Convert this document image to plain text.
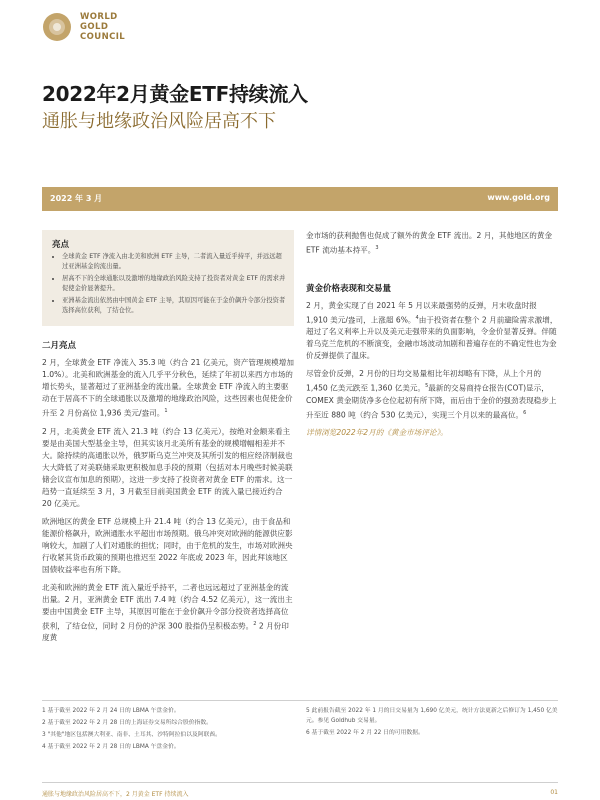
WORLD
GOLD
COUNCIL
2022年2月黄金ETF持续流入
通胀与地缘政治风险居高不下
2022 年 3 月	www.gold.org
亮点
• 全球黄金 ETF 净流入由北美和欧洲 ETF 主导，二者流入量近乎持平，并远远超过亚洲基金的流出量。
• 居高不下的全球通胀以及激增的地缘政治风险支持了投资者对黄金 ETF 的需求并促使金价显著提升。
• 亚洲基金流出依然由中国黄金 ETF 主导，其原因可能在于金价飙升令部分投资者选择高位获利，了结仓位。
二月亮点

2 月，全球黄金 ETF 净流入 35.3 吨（约合 21 亿美元，资产管理规模增加 1.0%）。北美和欧洲基金的流入几乎平分秋色，延续了年初以来西方市场的增长势头，显著超过了亚洲基金的流出量。全球黄金 ETF 净流入的主要驱动在于居高不下的全球通胀以及激增的地缘政治风险，这些因素也促使金价升至 2 月份高位 1,936 美元/盎司。$^1$

2 月，北美黄金 ETF 流入 21.3 吨（约合 13 亿美元），按绝对金额来看主要是由美国大型基金主导，但其实该月北美所有基金的规模增幅相差并不大。除持续的高通胀以外，俄罗斯乌克兰冲突及其所引发的相应经济制裁也大大降低了对美联储采取更积极加息手段的预期（包括对本月晚些时候美联储会议宣布加息的预期），这进一步支持了投资者对黄金 ETF 的需求。这一趋势一直延续至 3 月，3 月截至目前美国黄金 ETF 的流入量已接近约合 20 亿美元。

欧洲地区的黄金 ETF 总规模上升 21.4 吨（约合 13 亿美元），由于食品和能源价格飙升，欧洲通胀水平超出市场预期。俄乌冲突对欧洲的能源供应影响较大，加剧了人们对通胀的担忧；同时，由于危机的发生，市场对欧洲央行收紧其货币政策的预期也推迟至 2022 年底或 2023 年，因此拜该地区国债收益率也有所下降。

北美和欧洲的黄金 ETF 流入量近乎持平，二者也远远超过了亚洲基金的流出量。2 月，亚洲黄金 ETF 流出 7.4 吨（约合 4.52 亿美元），这一流出主要由中国黄金 ETF 主导，其原因可能在于金价飙升令部分投资者选择高位获利，了结仓位，同时 2 月份的沪深 300 股指仍呈积极态势。$^2$ 2 月份印度黄

金市场的获利抛售也促成了额外的黄金 ETF 流出。2 月，其他地区的黄金 ETF 流动基本持平。$^3$

黄金价格表现和交易量

2 月，黄金实现了自 2021 年 5 月以来最强势的反弹，月末收盘时报 1,910 美元/盎司，上涨超 6%。$^4$由于投资者在整个 2 月前避险需求激增，超过了名义利率上升以及美元走强带来的负面影响，令金价显著反弹。伴随着乌克兰危机的不断演变，金融市场波动加剧和普遍存在的不确定性也为金价反弹提供了温床。

尽管金价反弹，2 月份的日均交易量相比年初却略有下降，从上个月的 1,450 亿美元跌至 1,360 亿美元。$^5$最新的交易商持仓报告(COT)显示，COMEX 黄金期货净多仓位起初有所下降，而后由于金价的强劲表现稳步上升至近 880 吨（约合 530 亿美元），实现三个月以来的最高位。$^6$

详情浏览2022年2月的《黄金市场评论》。

1 基于截至 2022 年 2 月 24 日的 LBMA 午盘金价。

2 基于截至 2022 年 2 月 28 日的上海证券交易所综合股价指数。

3 "其他"地区包括澳大利亚、南非、土耳其、沙特阿拉伯以及阿联酋。

4 基于截至 2022 年 2 月 28 日的 LBMA 午盘金价。

5 此前报告截至 2022 年 1 月的日交易量为 1,690 亿美元，统计方法更新之后修订为 1,450 亿美元。参见 Goldhub 交易量。

6 基于截至 2022 年 2 月 22 日的可用数据。

通胀与地缘政治风险居高不下，2 月黄金 ETF 持续流入	01
